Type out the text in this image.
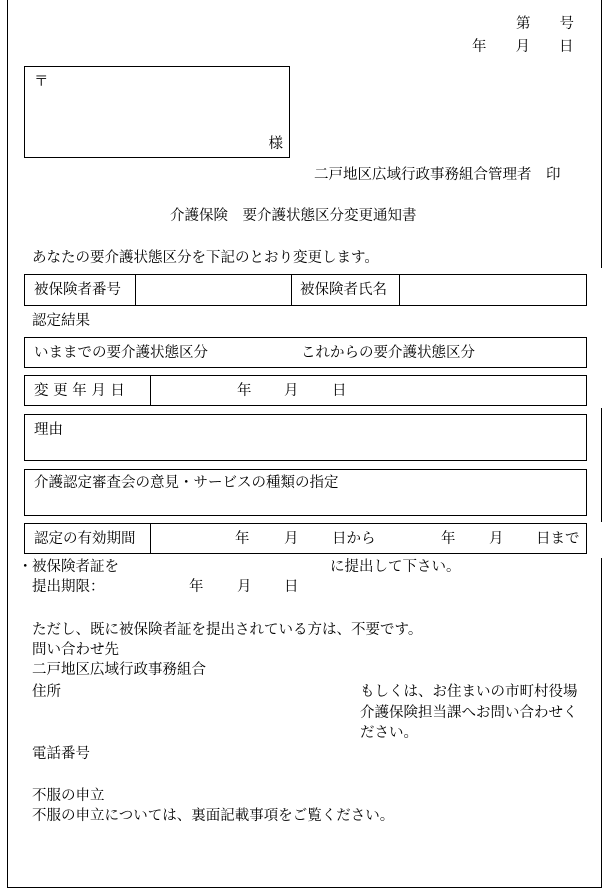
第　　号
年　　月　　日
〒
様
二戸地区広域行政事務組合管理者　印
介護保険　要介護状態区分変更通知書
あなたの要介護状態区分を下記のとおり変更します。
被保険者番号	被保険者氏名
認定結果
いままでの要介護状態区分	これからの要介護状態区分
変 更 年 月 日	年 月 日
理由
介護認定審査会の意見・サービスの種類の指定
認定の有効期間	年 月 日から	年 月 日まで
・ 被保険者証を	に提出して下さい。
提出期限：	年 月 日
ただし、既に被保険者証を提出されている方は、不要です。
問い合わせ先
二戸地区広域行政事務組合
住所	もしくは、お住まいの市町村役場
介護保険担当課へお問い合わせく
ださい。
電話番号
不服の申立
不服の申立については、裏面記載事項をご覧ください。
